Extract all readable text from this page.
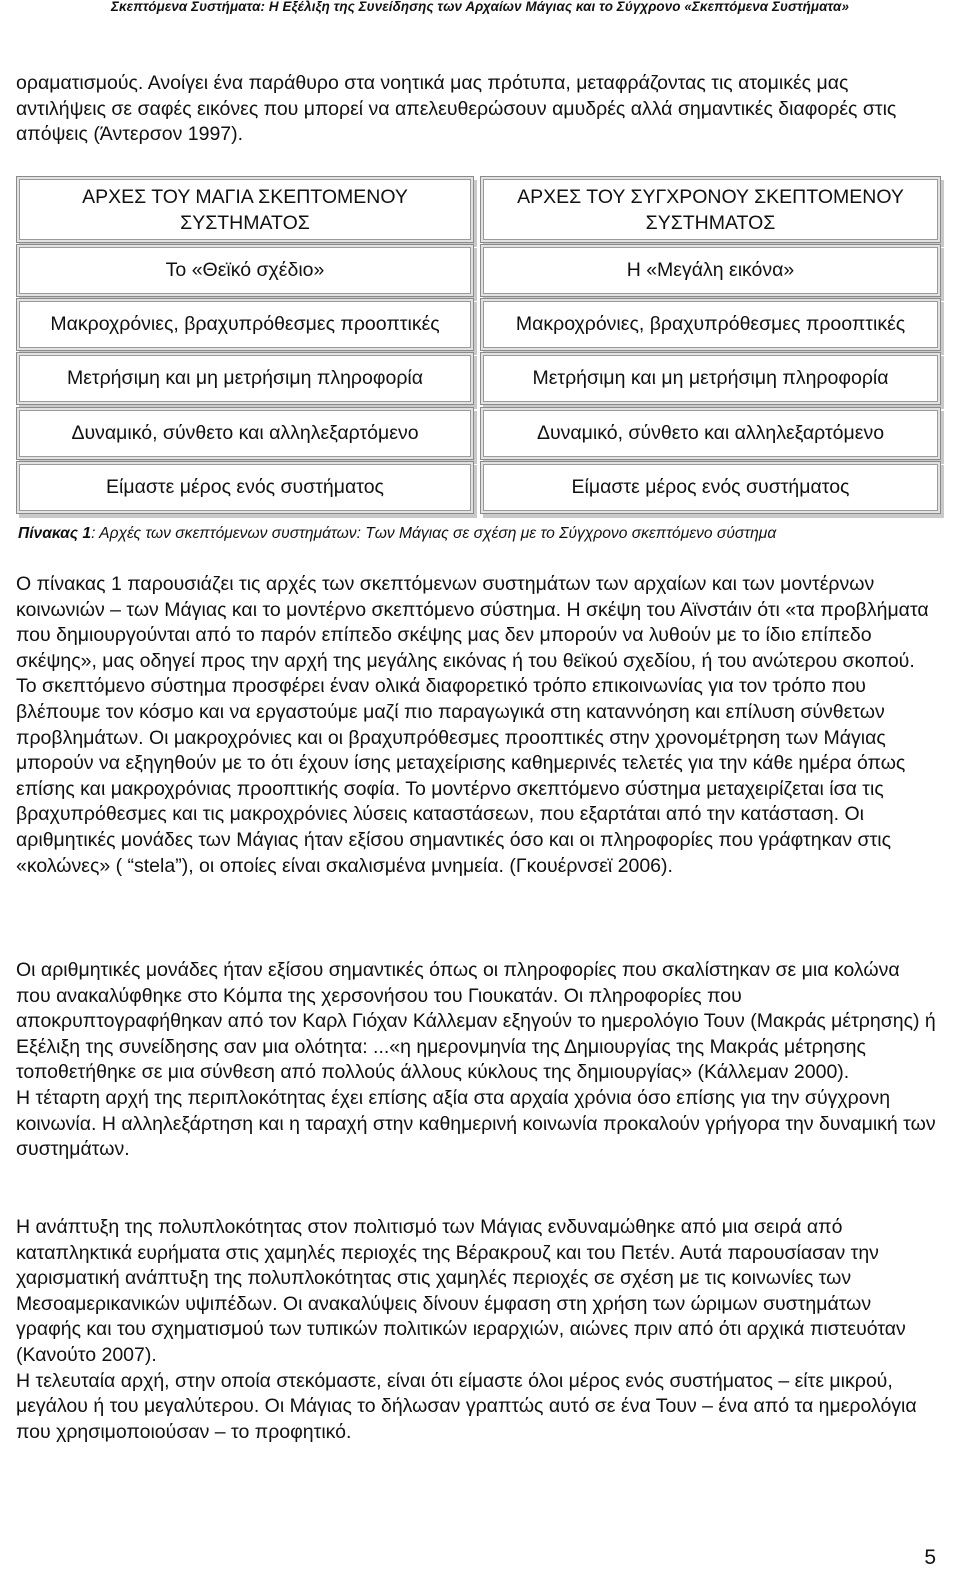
Σκεπτόμενα Συστήματα: Η Εξέλιξη της Συνείδησης των Αρχαίων Μάγιας και το Σύγχρονο «Σκεπτόμενα Συστήματα»

οραματισμούς. Ανοίγει ένα παράθυρο στα νοητικά μας πρότυπα, μεταφράζοντας τις ατομικές μας αντιλήψεις σε σαφές εικόνες που μπορεί να απελευθερώσουν αμυδρές αλλά σημαντικές διαφορές στις απόψεις (Άντερσον 1997).

ΑΡΧΕΣ ΤΟΥ ΜΑΓΙΑ ΣΚΕΠΤΟΜΕΝΟΥ ΣΥΣΤΗΜΑΤΟΣ
Το «Θεϊκό σχέδιο»
Μακροχρόνιες, βραχυπρόθεσμες προοπτικές
Μετρήσιμη και μη μετρήσιμη πληροφορία
Δυναμικό, σύνθετο και αλληλεξαρτόμενο
Είμαστε μέρος ενός συστήματος
ΑΡΧΕΣ ΤΟΥ ΣΥΓΧΡΟΝΟΥ ΣΚΕΠΤΟΜΕΝΟΥ ΣΥΣΤΗΜΑΤΟΣ
Η «Μεγάλη εικόνα»
Μακροχρόνιες, βραχυπρόθεσμες προοπτικές
Μετρήσιμη και μη μετρήσιμη πληροφορία
Δυναμικό, σύνθετο και αλληλεξαρτόμενο
Είμαστε μέρος ενός συστήματος
Πίνακας 1: Αρχές των σκεπτόμενων συστημάτων: Των Μάγιας σε σχέση με το Σύγχρονο σκεπτόμενο σύστημα

Ο πίνακας 1 παρουσιάζει τις αρχές των σκεπτόμενων συστημάτων των αρχαίων και των μοντέρνων κοινωνιών – των Μάγιας και το μοντέρνο σκεπτόμενο σύστημα. Η σκέψη του Αϊνστάιν ότι «τα προβλήματα που δημιουργούνται από το παρόν επίπεδο σκέψης μας δεν μπορούν να λυθούν με το ίδιο επίπεδο σκέψης», μας οδηγεί προς την αρχή της μεγάλης εικόνας ή του θεϊκού σχεδίου, ή του ανώτερου σκοπού. Το σκεπτόμενο σύστημα προσφέρει έναν ολικά διαφορετικό τρόπο επικοινωνίας για τον τρόπο που βλέπουμε τον κόσμο και να εργαστούμε μαζί πιο παραγωγικά στη καταννόηση και επίλυση σύνθετων προβλημάτων. Οι μακροχρόνιες και οι βραχυπρόθεσμες προοπτικές στην χρονομέτρηση των Μάγιας μπορούν να εξηγηθούν με το ότι έχουν ίσης μεταχείρισης καθημερινές τελετές για την κάθε ημέρα όπως επίσης και μακροχρόνιας προοπτικής σοφία. Το μοντέρνο σκεπτόμενο σύστημα μεταχειρίζεται ίσα τις βραχυπρόθεσμες και τις μακροχρόνιες λύσεις καταστάσεων, που εξαρτάται από την κατάσταση. Οι αριθμητικές μονάδες των Μάγιας ήταν εξίσου σημαντικές όσο και οι πληροφορίες που γράφτηκαν στις «κολώνες» ( “stela”), οι οποίες είναι σκαλισμένα μνημεία. (Γκουέρνσεϊ 2006).

Οι αριθμητικές μονάδες ήταν εξίσου σημαντικές όπως οι πληροφορίες που σκαλίστηκαν σε μια κολώνα που ανακαλύφθηκε στο Κόμπα της χερσονήσου του Γιουκατάν. Οι πληροφορίες που αποκρυπτογραφήθηκαν από τον Καρλ Γιόχαν Κάλλεμαν εξηγούν το ημερολόγιο Τουν (Μακράς μέτρησης) ή Εξέλιξη της συνείδησης σαν μια ολότητα: ...«η ημερονμηνία της Δημιουργίας της Μακράς μέτρησης τοποθετήθηκε σε μια σύνθεση από πολλούς άλλους κύκλους της δημιουργίας» (Κάλλεμαν 2000).

Η τέταρτη αρχή της περιπλοκότητας έχει επίσης αξία στα αρχαία χρόνια όσο επίσης για την σύγχρονη κοινωνία. Η αλληλεξάρτηση και η ταραχή στην καθημερινή κοινωνία προκαλούν γρήγορα την δυναμική των συστημάτων.

Η ανάπτυξη της πολυπλοκότητας στον πολιτισμό των Μάγιας ενδυναμώθηκε από μια σειρά από καταπληκτικά ευρήματα στις χαμηλές περιοχές της Βέρακρουζ και του Πετέν. Αυτά παρουσίασαν την χαρισματική ανάπτυξη της πολυπλοκότητας στις χαμηλές περιοχές σε σχέση με τις κοινωνίες των Μεσοαμερικανικών υψιπέδων. Οι ανακαλύψεις δίνουν έμφαση στη χρήση των ώριμων συστημάτων γραφής και του σχηματισμού των τυπικών πολιτικών ιεραρχιών, αιώνες πριν από ότι αρχικά πιστευόταν (Κανούτο 2007).

Η τελευταία αρχή, στην οποία στεκόμαστε, είναι ότι είμαστε όλοι μέρος ενός συστήματος – είτε μικρού, μεγάλου ή του μεγαλύτερου. Οι Μάγιας το δήλωσαν γραπτώς αυτό σε ένα Τουν – ένα από τα ημερολόγια που χρησιμοποιούσαν – το προφητικό.

5
